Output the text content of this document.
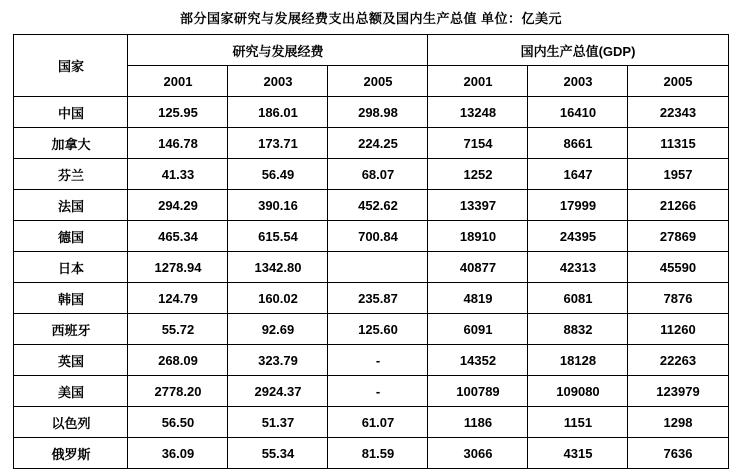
部分国家研究与发展经费支出总额及国内生产总值 单位：亿美元
国家	研究与发展经费			国内生产总值(GDP)		
	2001	2003	2005	2001	2003	2005
中国	125.95	186.01	298.98	13248	16410	22343
加拿大	146.78	173.71	224.25	7154	8661	11315
芬兰	41.33	56.49	68.07	1252	1647	1957
法国	294.29	390.16	452.62	13397	17999	21266
德国	465.34	615.54	700.84	18910	24395	27869
日本	1278.94	1342.80		40877	42313	45590
韩国	124.79	160.02	235.87	4819	6081	7876
西班牙	55.72	92.69	125.60	6091	8832	11260
英国	268.09	323.79	-	14352	18128	22263
美国	2778.20	2924.37	-	100789	109080	123979
以色列	56.50	51.37	61.07	1186	1151	1298
俄罗斯	36.09	55.34	81.59	3066	4315	7636
